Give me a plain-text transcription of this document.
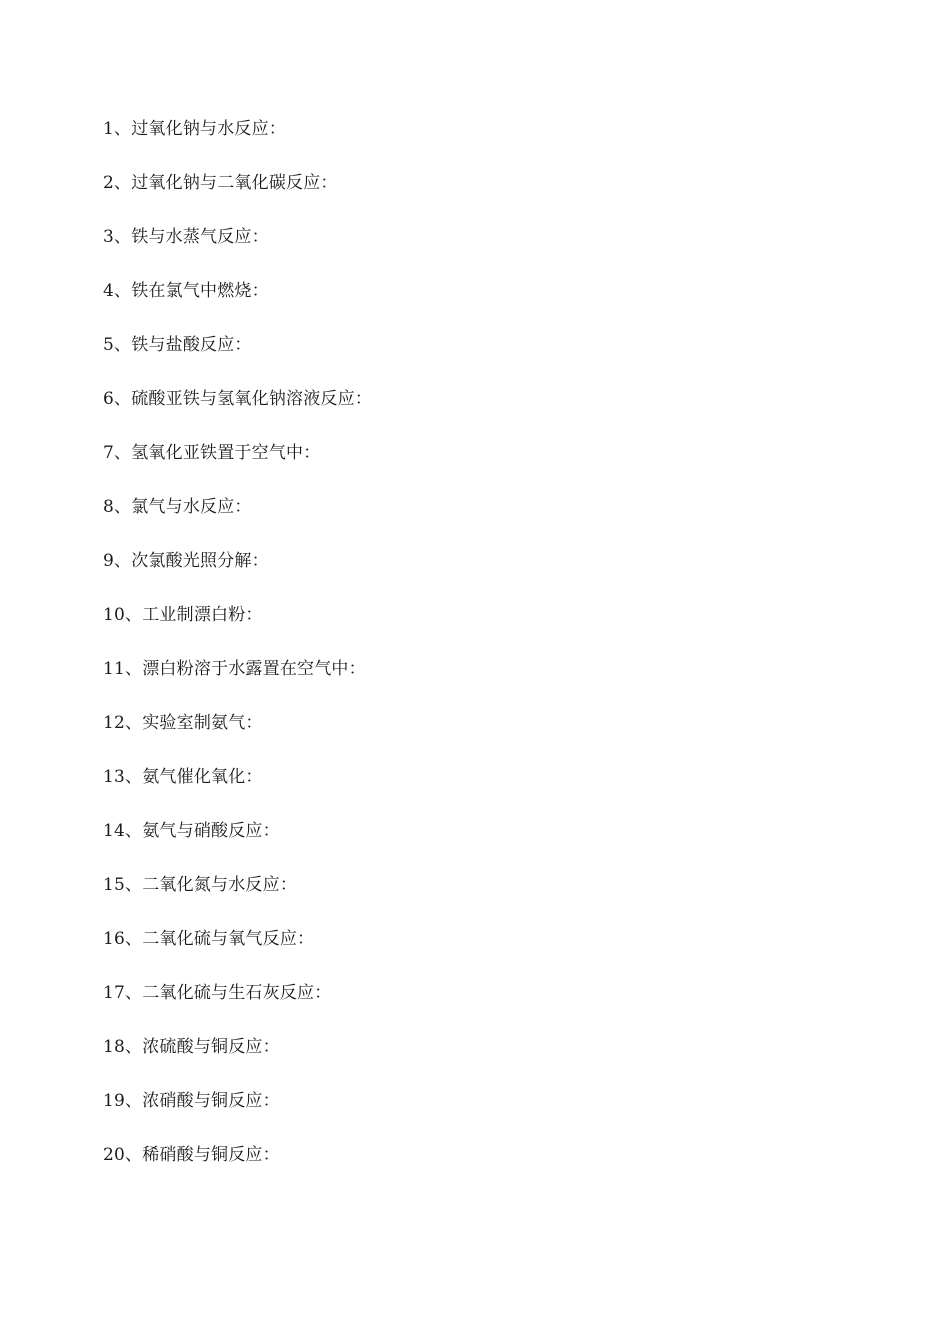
1、过氧化钠与水反应：
2、过氧化钠与二氧化碳反应：
3、铁与水蒸气反应：
4、铁在氯气中燃烧：
5、铁与盐酸反应：
6、硫酸亚铁与氢氧化钠溶液反应：
7、氢氧化亚铁置于空气中：
8、氯气与水反应：
9、次氯酸光照分解：
10、工业制漂白粉：
11、漂白粉溶于水露置在空气中：
12、实验室制氨气：
13、氨气催化氧化：
14、氨气与硝酸反应：
15、二氧化氮与水反应：
16、二氧化硫与氧气反应：
17、二氧化硫与生石灰反应：
18、浓硫酸与铜反应：
19、浓硝酸与铜反应：
20、稀硝酸与铜反应：
